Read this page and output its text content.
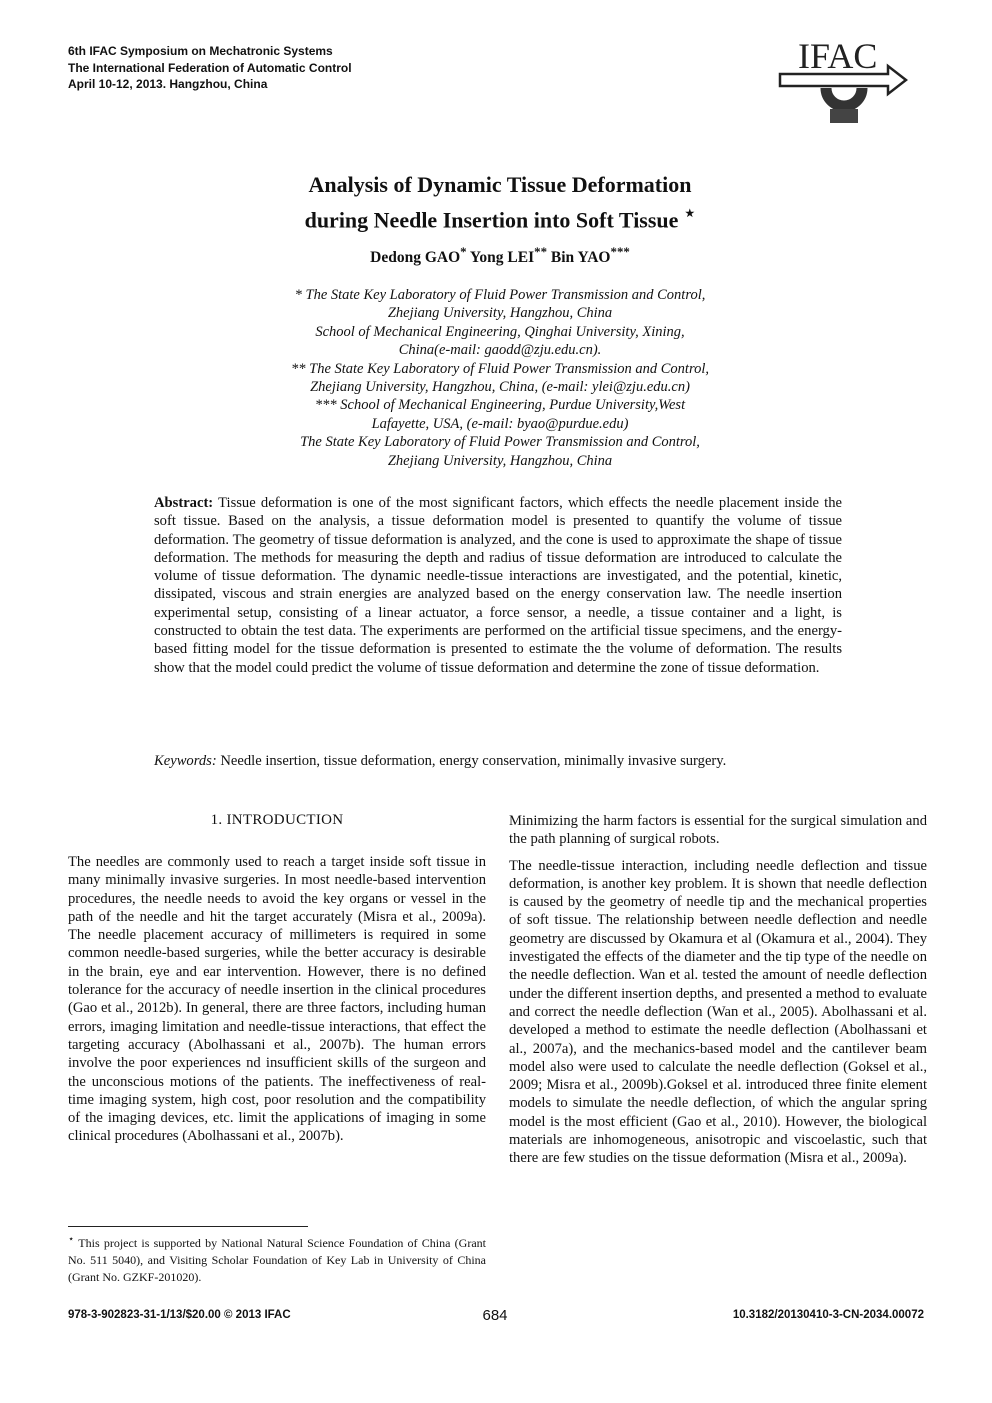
6th IFAC Symposium on Mechatronic Systems
The International Federation of Automatic Control
April 10-12, 2013. Hangzhou, China
IFAC
Analysis of Dynamic Tissue Deformation
during Needle Insertion into Soft Tissue ⋆
Dedong GAO* Yong LEI** Bin YAO***
* The State Key Laboratory of Fluid Power Transmission and Control,
Zhejiang University, Hangzhou, China
School of Mechanical Engineering, Qinghai University, Xining,
China(e-mail: gaodd@zju.edu.cn).
** The State Key Laboratory of Fluid Power Transmission and Control,
Zhejiang University, Hangzhou, China, (e-mail: ylei@zju.edu.cn)
*** School of Mechanical Engineering, Purdue University,West
Lafayette, USA, (e-mail: byao@purdue.edu)
The State Key Laboratory of Fluid Power Transmission and Control,
Zhejiang University, Hangzhou, China
Abstract: Tissue deformation is one of the most significant factors, which effects the needle placement inside the soft tissue. Based on the analysis, a tissue deformation model is presented to quantify the volume of tissue deformation. The geometry of tissue deformation is analyzed, and the cone is used to approximate the shape of tissue deformation. The methods for measuring the depth and radius of tissue deformation are introduced to calculate the volume of tissue deformation. The dynamic needle-tissue interactions are investigated, and the potential, kinetic, dissipated, viscous and strain energies are analyzed based on the energy conservation law. The needle insertion experimental setup, consisting of a linear actuator, a force sensor, a needle, a tissue container and a light, is constructed to obtain the test data. The experiments are performed on the artificial tissue specimens, and the energy-based fitting model for the tissue deformation is presented to estimate the the volume of deformation. The results show that the model could predict the volume of tissue deformation and determine the zone of tissue deformation.
Keywords: Needle insertion, tissue deformation, energy conservation, minimally invasive surgery.
1. INTRODUCTION

The needles are commonly used to reach a target inside soft tissue in many minimally invasive surgeries. In most needle-based intervention procedures, the needle needs to avoid the key organs or vessel in the path of the needle and hit the target accurately (Misra et al., 2009a). The needle placement accuracy of millimeters is required in some common needle-based surgeries, while the better accuracy is desirable in the brain, eye and ear intervention. However, there is no defined tolerance for the accuracy of needle insertion in the clinical procedures (Gao et al., 2012b). In general, there are three factors, including human errors, imaging limitation and needle-tissue interactions, that effect the targeting accuracy (Abolhassani et al., 2007b). The human errors involve the poor experiences nd insufficient skills of the surgeon and the unconscious motions of the patients. The ineffectiveness of real-time imaging system, high cost, poor resolution and the compatibility of the imaging devices, etc. limit the applications of imaging in some clinical procedures (Abolhassani et al., 2007b).

Minimizing the harm factors is essential for the surgical simulation and the path planning of surgical robots.

The needle-tissue interaction, including needle deflection and tissue deformation, is another key problem. It is shown that needle deflection is caused by the geometry of needle tip and the mechanical properties of soft tissue. The relationship between needle deflection and needle geometry are discussed by Okamura et al (Okamura et al., 2004). They investigated the effects of the diameter and the tip type of the needle on the needle deflection. Wan et al. tested the amount of needle deflection under the different insertion depths, and presented a method to evaluate and correct the needle deflection (Wan et al., 2005). Abolhassani et al. developed a method to estimate the needle deflection (Abolhassani et al., 2007a), and the mechanics-based model and the cantilever beam model also were used to calculate the needle deflection (Goksel et al., 2009; Misra et al., 2009b).Goksel et al. introduced three finite element models to simulate the needle deflection, of which the angular spring model is the most efficient (Gao et al., 2010). However, the biological materials are inhomogeneous, anisotropic and viscoelastic, such that there are few studies on the tissue deformation (Misra et al., 2009a).

⋆ This project is supported by National Natural Science Foundation of China (Grant No. 511 5040), and Visiting Scholar Foundation of Key Lab in University of China (Grant No. GZKF-201020).
978-3-902823-31-1/13/$20.00 © 2013 IFAC	684	10.3182/20130410-3-CN-2034.00072
